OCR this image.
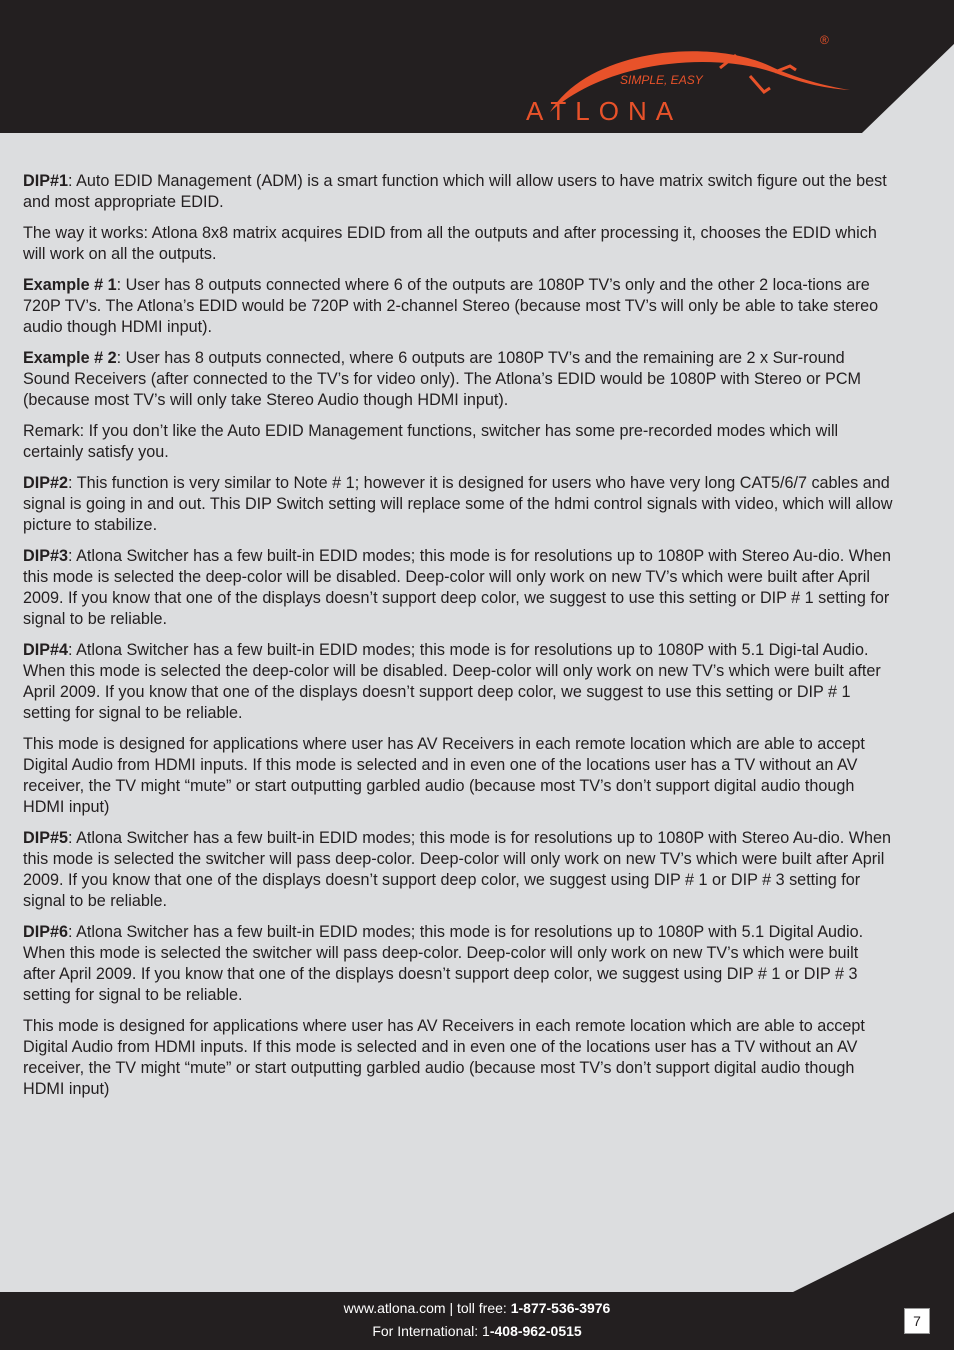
SIMPLE, EASY
ATLONA
®

DIP#1: Auto EDID Management (ADM) is a smart function which will allow users to have matrix switch figure out the best and most appropriate EDID.

The way it works: Atlona 8x8 matrix acquires EDID from all the outputs and after processing it, chooses the EDID which will work on all the outputs.

Example # 1: User has 8 outputs connected where 6 of the outputs are 1080P TV’s only and the other 2 loca-tions are 720P TV’s. The Atlona’s EDID would be 720P with 2-channel Stereo (because most TV’s will only be able to take stereo audio though HDMI input).

Example # 2: User has 8 outputs connected, where 6 outputs are 1080P TV’s and the remaining are 2 x Sur-round Sound Receivers (after connected to the TV’s for video only). The Atlona’s EDID would be 1080P with Stereo or PCM (because most TV’s will only take Stereo Audio though HDMI input).

Remark: If you don’t like the Auto EDID Management functions, switcher has some pre-recorded modes which will certainly satisfy you.

DIP#2: This function is very similar to Note # 1; however it is designed for users who have very long CAT5/6/7 cables and signal is going in and out. This DIP Switch setting will replace some of the hdmi control signals with video, which will allow picture to stabilize.

DIP#3: Atlona Switcher has a few built-in EDID modes; this mode is for resolutions up to 1080P with Stereo Au-dio. When this mode is selected the deep-color will be disabled. Deep-color will only work on new TV’s which were built after April 2009. If you know that one of the displays doesn’t support deep color, we suggest to use this setting or DIP # 1 setting for signal to be reliable.

DIP#4: Atlona Switcher has a few built-in EDID modes; this mode is for resolutions up to 1080P with 5.1 Digi-tal Audio. When this mode is selected the deep-color will be disabled. Deep-color will only work on new TV’s which were built after April 2009. If you know that one of the displays doesn’t support deep color, we suggest to use this setting or DIP # 1 setting for signal to be reliable.

This mode is designed for applications where user has AV Receivers in each remote location which are able to accept Digital Audio from HDMI inputs. If this mode is selected and in even one of the locations user has a TV without an AV receiver, the TV might “mute” or start outputting garbled audio (because most TV’s don’t support digital audio though HDMI input)

DIP#5: Atlona Switcher has a few built-in EDID modes; this mode is for resolutions up to 1080P with Stereo Au-dio. When this mode is selected the switcher will pass deep-color. Deep-color will only work on new TV’s which were built after April 2009. If you know that one of the displays doesn’t support deep color, we suggest using DIP # 1 or DIP # 3 setting for signal to be reliable.

DIP#6: Atlona Switcher has a few built-in EDID modes; this mode is for resolutions up to 1080P with 5.1 Digital Audio. When this mode is selected the switcher will pass deep-color. Deep-color will only work on new TV’s which were built after April 2009. If you know that one of the displays doesn’t support deep color, we suggest using DIP # 1 or DIP # 3 setting for signal to be reliable.

This mode is designed for applications where user has AV Receivers in each remote location which are able to accept Digital Audio from HDMI inputs. If this mode is selected and in even one of the locations user has a TV without an AV receiver, the TV might “mute” or start outputting garbled audio (because most TV’s don’t support digital audio though HDMI input)

www.atlona.com | toll free: 1-877-536-3976
For International: 1-408-962-0515
7
